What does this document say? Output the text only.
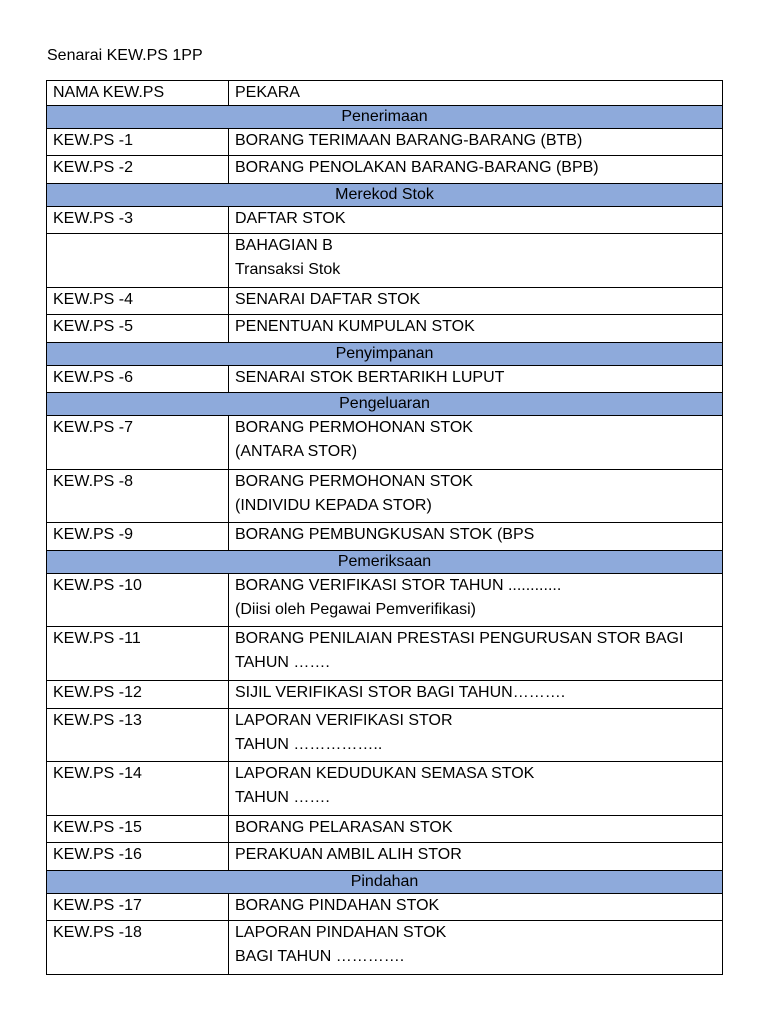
Senarai KEW.PS 1PP
NAMA KEW.PS	PEKARA
Penerimaan	
KEW.PS -1	BORANG TERIMAAN BARANG-BARANG (BTB)

KEW.PS -2	BORANG PENOLAKAN BARANG-BARANG (BPB)

Merekod Stok	
KEW.PS -3	DAFTAR STOK

	BAHAGIAN B
Transaksi Stok

KEW.PS -4	SENARAI DAFTAR STOK

KEW.PS -5	PENENTUAN KUMPULAN STOK

Penyimpanan	
KEW.PS -6	SENARAI STOK BERTARIKH LUPUT

Pengeluaran	
KEW.PS -7	BORANG PERMOHONAN STOK
(ANTARA STOR)

KEW.PS -8	BORANG PERMOHONAN STOK
(INDIVIDU KEPADA STOR)

KEW.PS -9	BORANG PEMBUNGKUSAN STOK (BPS

Pemeriksaan	
KEW.PS -10	BORANG VERIFIKASI STOR TAHUN ............
(Diisi oleh Pegawai Pemverifikasi)

KEW.PS -11	BORANG PENILAIAN PRESTASI PENGURUSAN STOR BAGI
TAHUN …….

KEW.PS -12	SIJIL VERIFIKASI STOR BAGI TAHUN……….

KEW.PS -13	LAPORAN VERIFIKASI STOR
TAHUN ……………..

KEW.PS -14	LAPORAN KEDUDUKAN SEMASA STOK
TAHUN …….

KEW.PS -15	BORANG PELARASAN STOK

KEW.PS -16	PERAKUAN AMBIL ALIH STOR

Pindahan	
KEW.PS -17	BORANG PINDAHAN STOK

KEW.PS -18	LAPORAN PINDAHAN STOK
BAGI TAHUN ………….
